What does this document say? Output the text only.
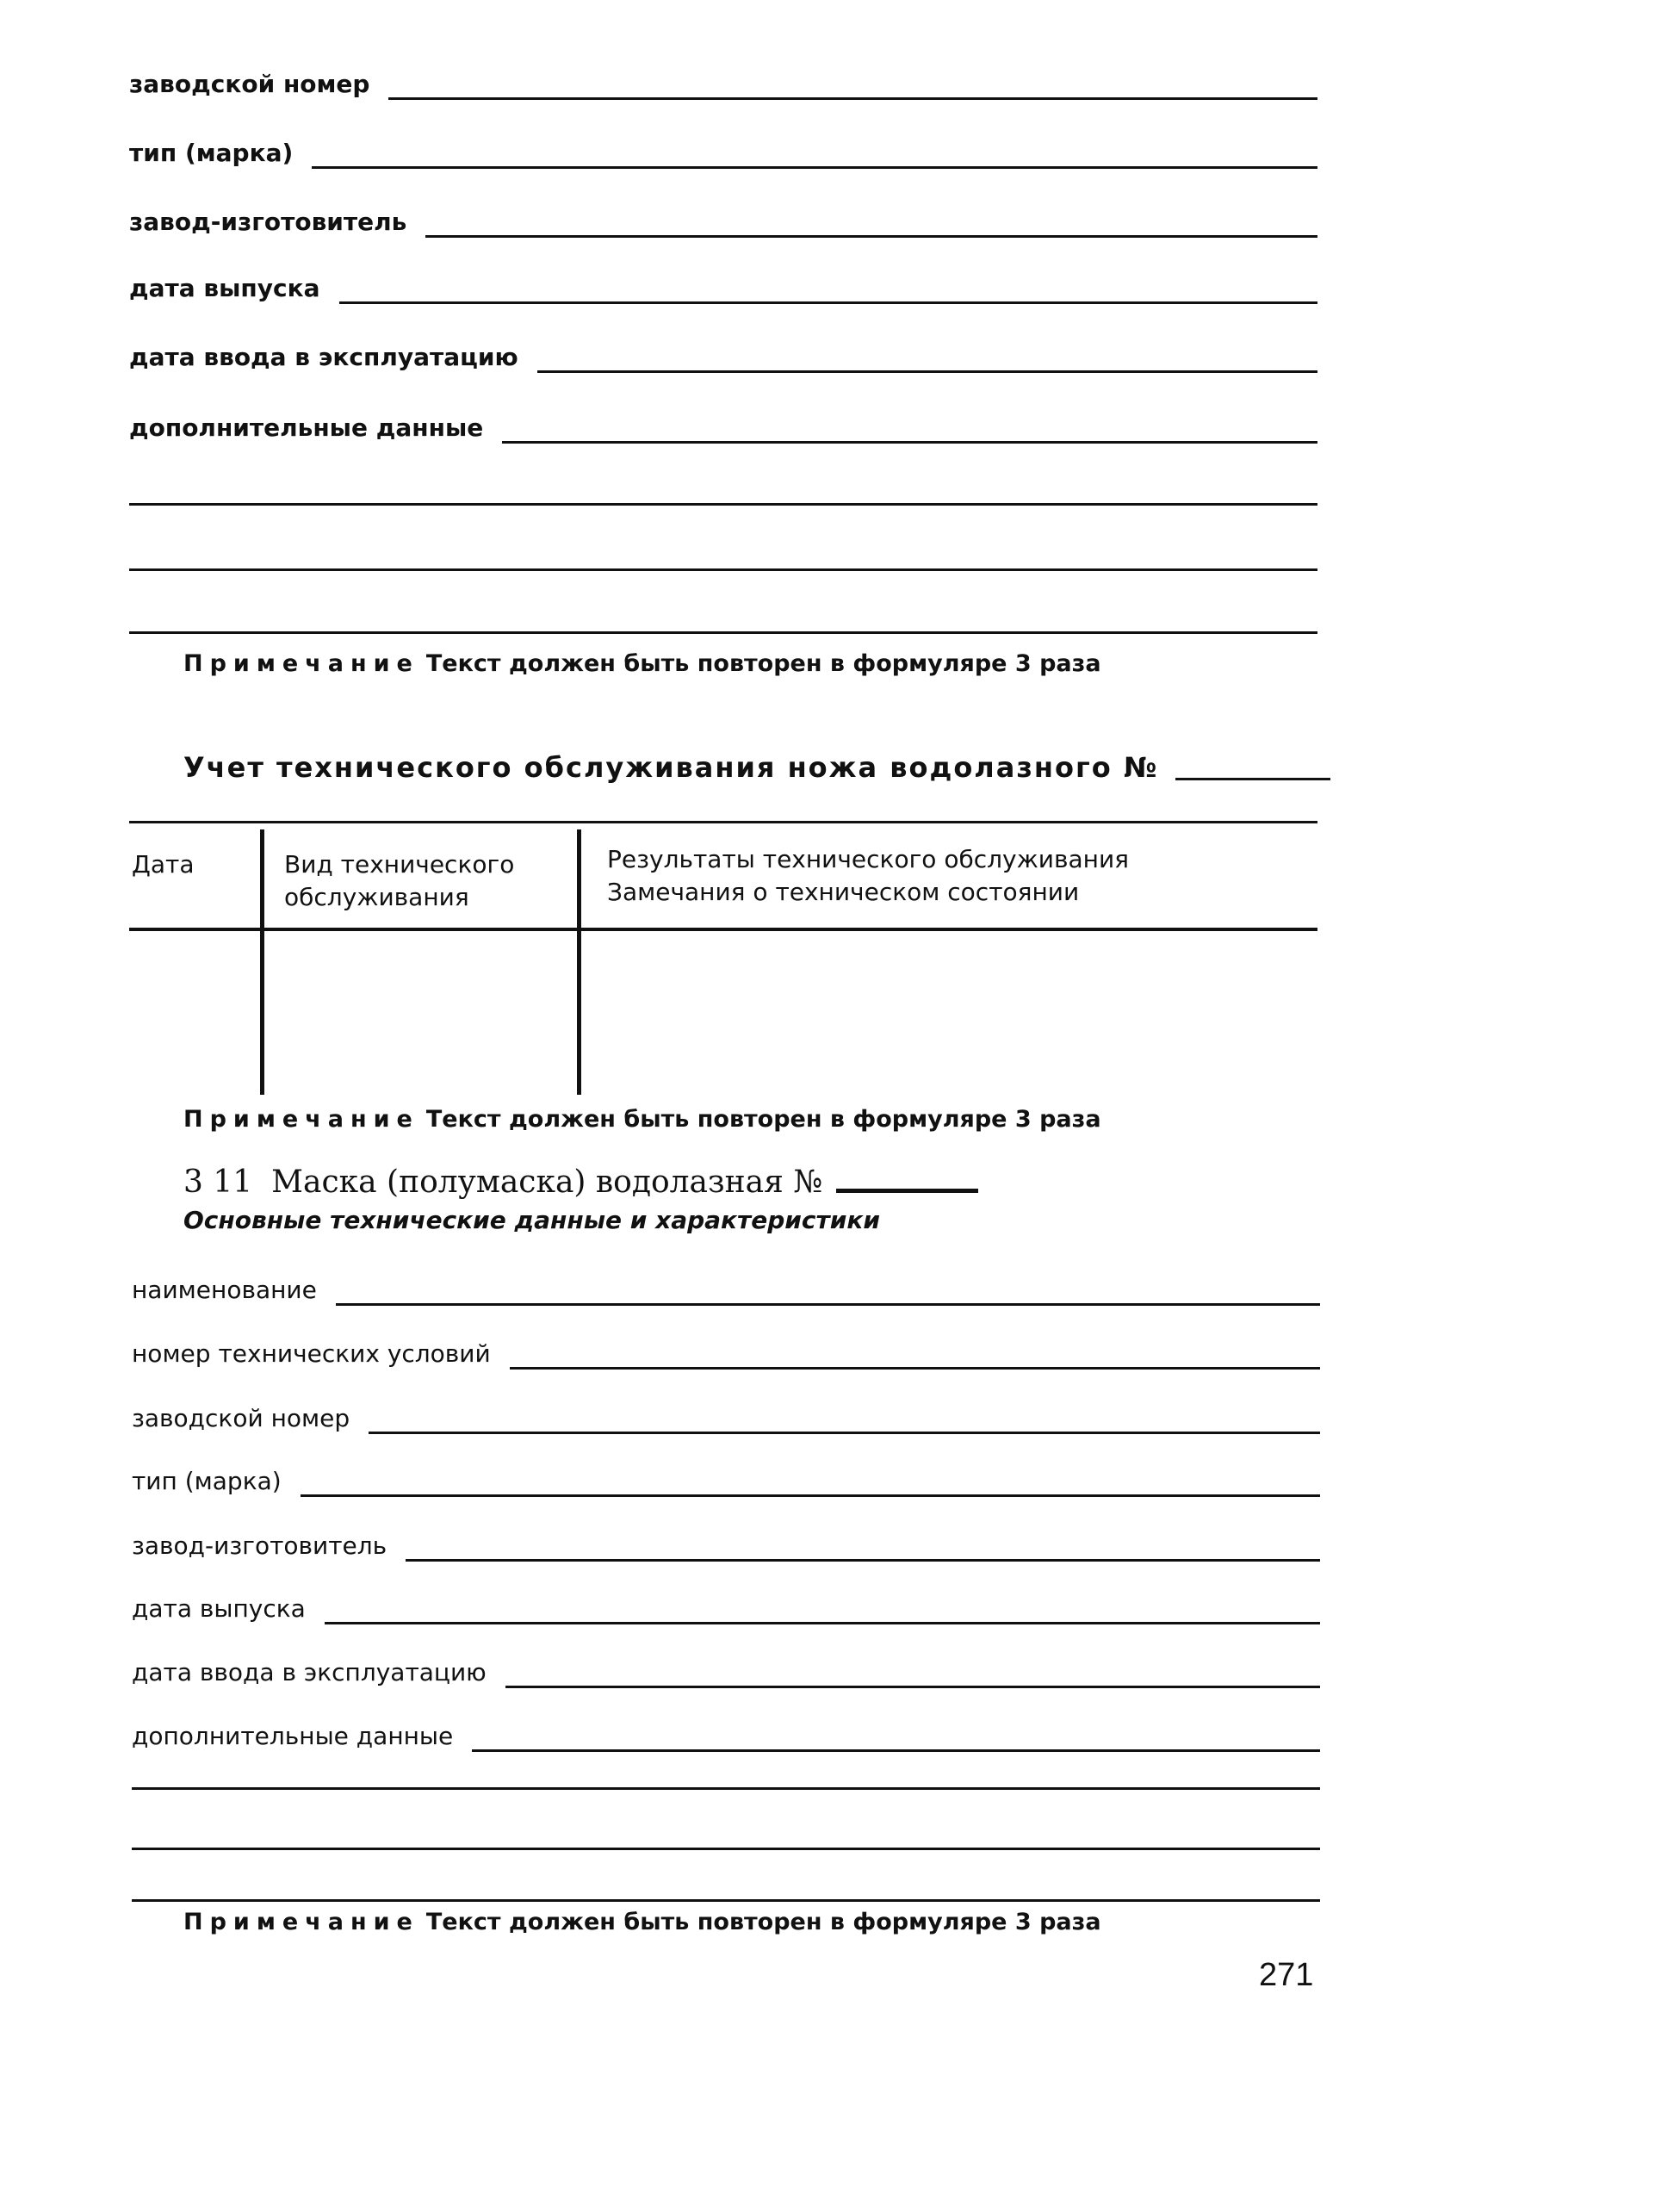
заводской номер
тип (марка)
завод-изготовитель
дата выпуска
дата ввода в эксплуатацию
дополнительные данные
Примечание Текст должен быть повторен в формуляре 3 раза
Учет технического обслуживания ножа водолазного №
Дата	Вид технического
обслуживания
Результаты технического обслуживания
Замечания о техническом состоянии
Примечание Текст должен быть повторен в формуляре 3 раза
3 11 Маска (полумаска) водолазная №
Основные технические данные и характеристики
наименование
номер технических условий
заводской номер
тип (марка)
завод-изготовитель
дата выпуска
дата ввода в эксплуатацию
дополнительные данные
Примечание Текст должен быть повторен в формуляре 3 раза
271
